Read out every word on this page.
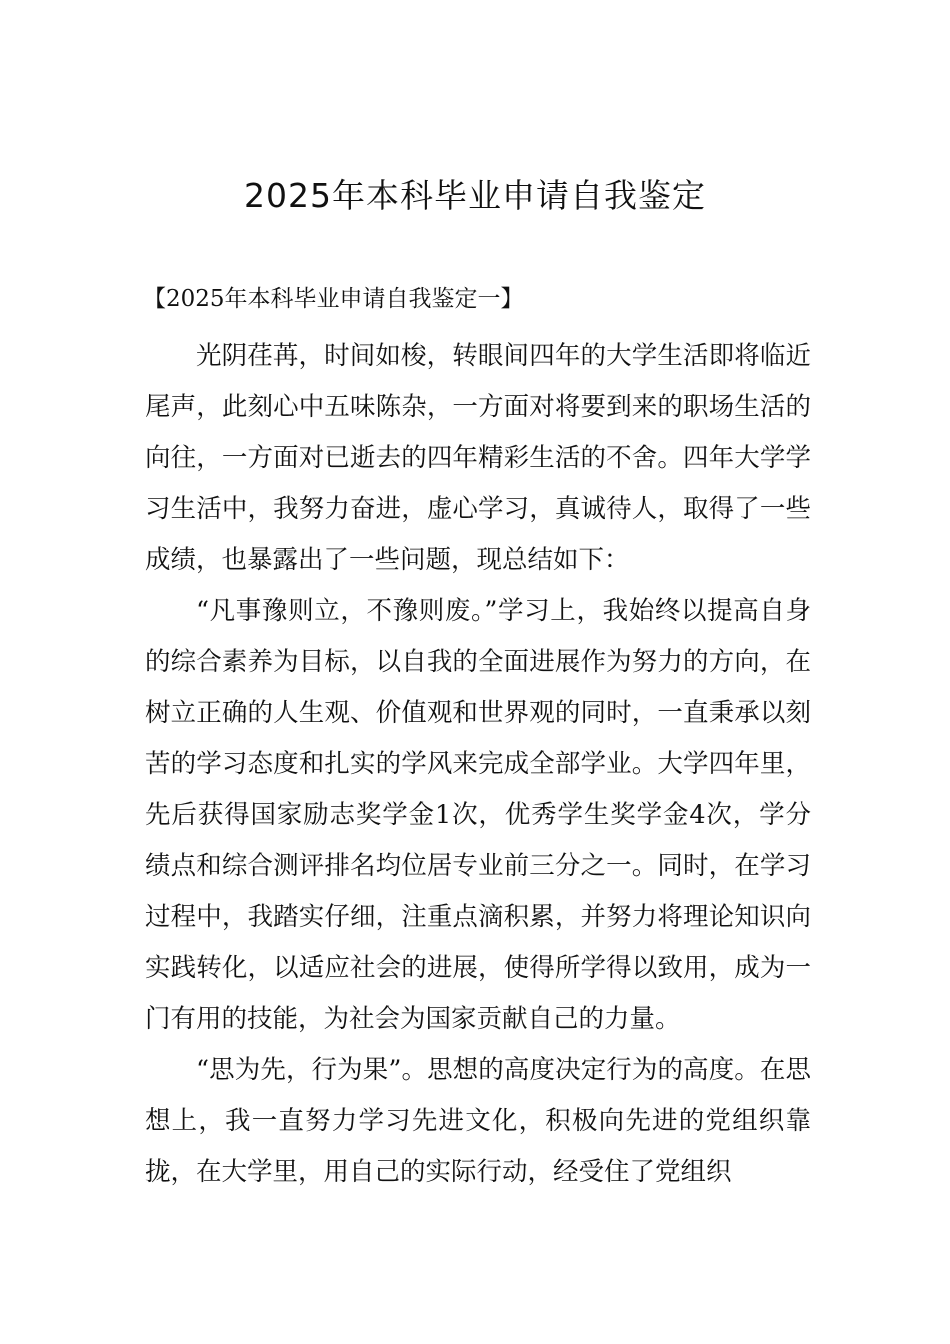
2025年本科毕业申请自我鉴定

【2025年本科毕业申请自我鉴定一】

光阴荏苒，时间如梭，转眼间四年的大学生活即将临近尾声，此刻心中五味陈杂，一方面对将要到来的职场生活的向往，一方面对已逝去的四年精彩生活的不舍。四年大学学习生活中，我努力奋进，虚心学习，真诚待人，取得了一些成绩，也暴露出了一些问题，现总结如下：

“凡事豫则立，不豫则废。”学习上，我始终以提高自身的综合素养为目标，以自我的全面进展作为努力的方向，在树立正确的人生观、价值观和世界观的同时，一直秉承以刻苦的学习态度和扎实的学风来完成全部学业。大学四年里，先后获得国家励志奖学金1次，优秀学生奖学金4次，学分绩点和综合测评排名均位居专业前三分之一。同时，在学习过程中，我踏实仔细，注重点滴积累，并努力将理论知识向实践转化，以适应社会的进展，使得所学得以致用，成为一门有用的技能，为社会为国家贡献自己的力量。

“思为先，行为果”。思想的高度决定行为的高度。在思想上，我一直努力学习先进文化，积极向先进的党组织靠拢，在大学里，用自己的实际行动，经受住了党组织
